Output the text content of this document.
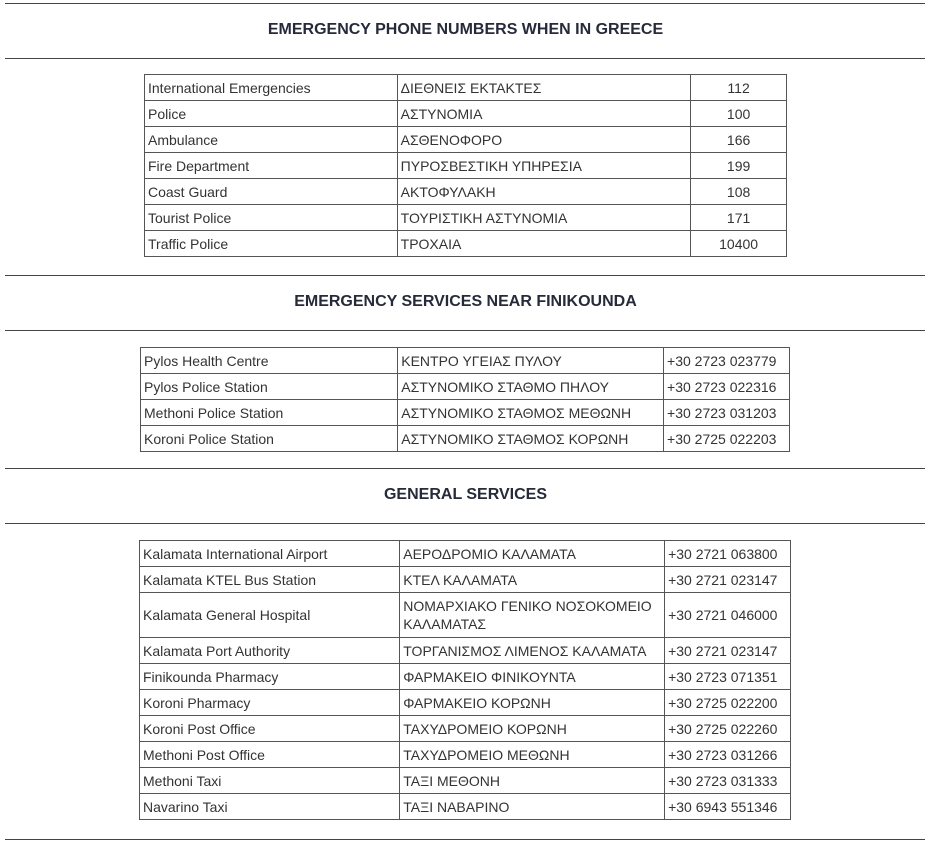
EMERGENCY PHONE NUMBERS WHEN IN GREECE
International Emergencies	ΔΙΕΘΝΕΙΣ ΕΚΤΑΚΤΕΣ	112
Police	ΑΣΤΥΝΟΜΙΑ	100
Ambulance	ΑΣΘΕΝΟΦΟΡΟ	166
Fire Department	ΠΥΡΟΣΒΕΣΤΙΚΗ ΥΠΗΡΕΣΙΑ	199
Coast Guard	ΑΚΤΟΦΥΛΑΚΗ	108
Tourist Police	ΤΟΥΡΙΣΤΙΚΗ ΑΣΤΥΝΟΜΙΑ	171
Traffic Police	ΤΡΟΧΑΙΑ	10400
EMERGENCY SERVICES NEAR FINIKOUNDA
Pylos Health Centre	ΚΕΝΤΡΟ ΥΓΕΙΑΣ ΠΥΛΟΥ	+30 2723 023779
Pylos Police Station	ΑΣΤΥΝΟΜΙΚΟ ΣΤΑΘΜΟ ΠΗΛΟΥ	+30 2723 022316
Methoni Police Station	ΑΣΤΥΝΟΜΙΚΟ ΣΤΑΘΜΟΣ ΜΕΘΩΝΗ	+30 2723 031203
Koroni Police Station	ΑΣΤΥΝΟΜΙΚΟ ΣΤΑΘΜΟΣ ΚΟΡΩΝΗ	+30 2725 022203
GENERAL SERVICES
Kalamata International Airport	ΑΕΡΟΔΡΟΜΙΟ ΚΑΛΑΜΑΤΑ	+30 2721 063800
Kalamata KTEL Bus Station	ΚΤΕΛ ΚΑΛΑΜΑΤΑ	+30 2721 023147
Kalamata General Hospital	ΝΟΜΑΡΧΙΑΚΟ ΓΕΝΙΚΟ ΝΟΣΟΚΟΜΕΙΟ ΚΑΛΑΜΑΤΑΣ	+30 2721 046000
Kalamata Port Authority	ΤΟΡΓΑΝΙΣΜΟΣ ΛΙΜΕΝΟΣ ΚΑΛΑΜΑΤΑ	+30 2721 023147
Finikounda Pharmacy	ΦΑΡΜΑΚΕΙΟ ΦΙΝΙΚΟΥΝΤΑ	+30 2723 071351
Koroni Pharmacy	ΦΑΡΜΑΚΕΙΟ ΚΟΡΩΝΗ	+30 2725 022200
Koroni Post Office	ΤΑΧΥΔΡΟΜΕΙΟ ΚΟΡΩΝΗ	+30 2725 022260
Methoni Post Office	ΤΑΧΥΔΡΟΜΕΙΟ ΜΕΘΩΝΗ	+30 2723 031266
Methoni Taxi	ΤΑΞΙ ΜΕΘΟΝΗ	+30 2723 031333
Navarino Taxi	ΤΑΞΙ ΝΑΒΑΡΙΝΟ	+30 6943 551346
